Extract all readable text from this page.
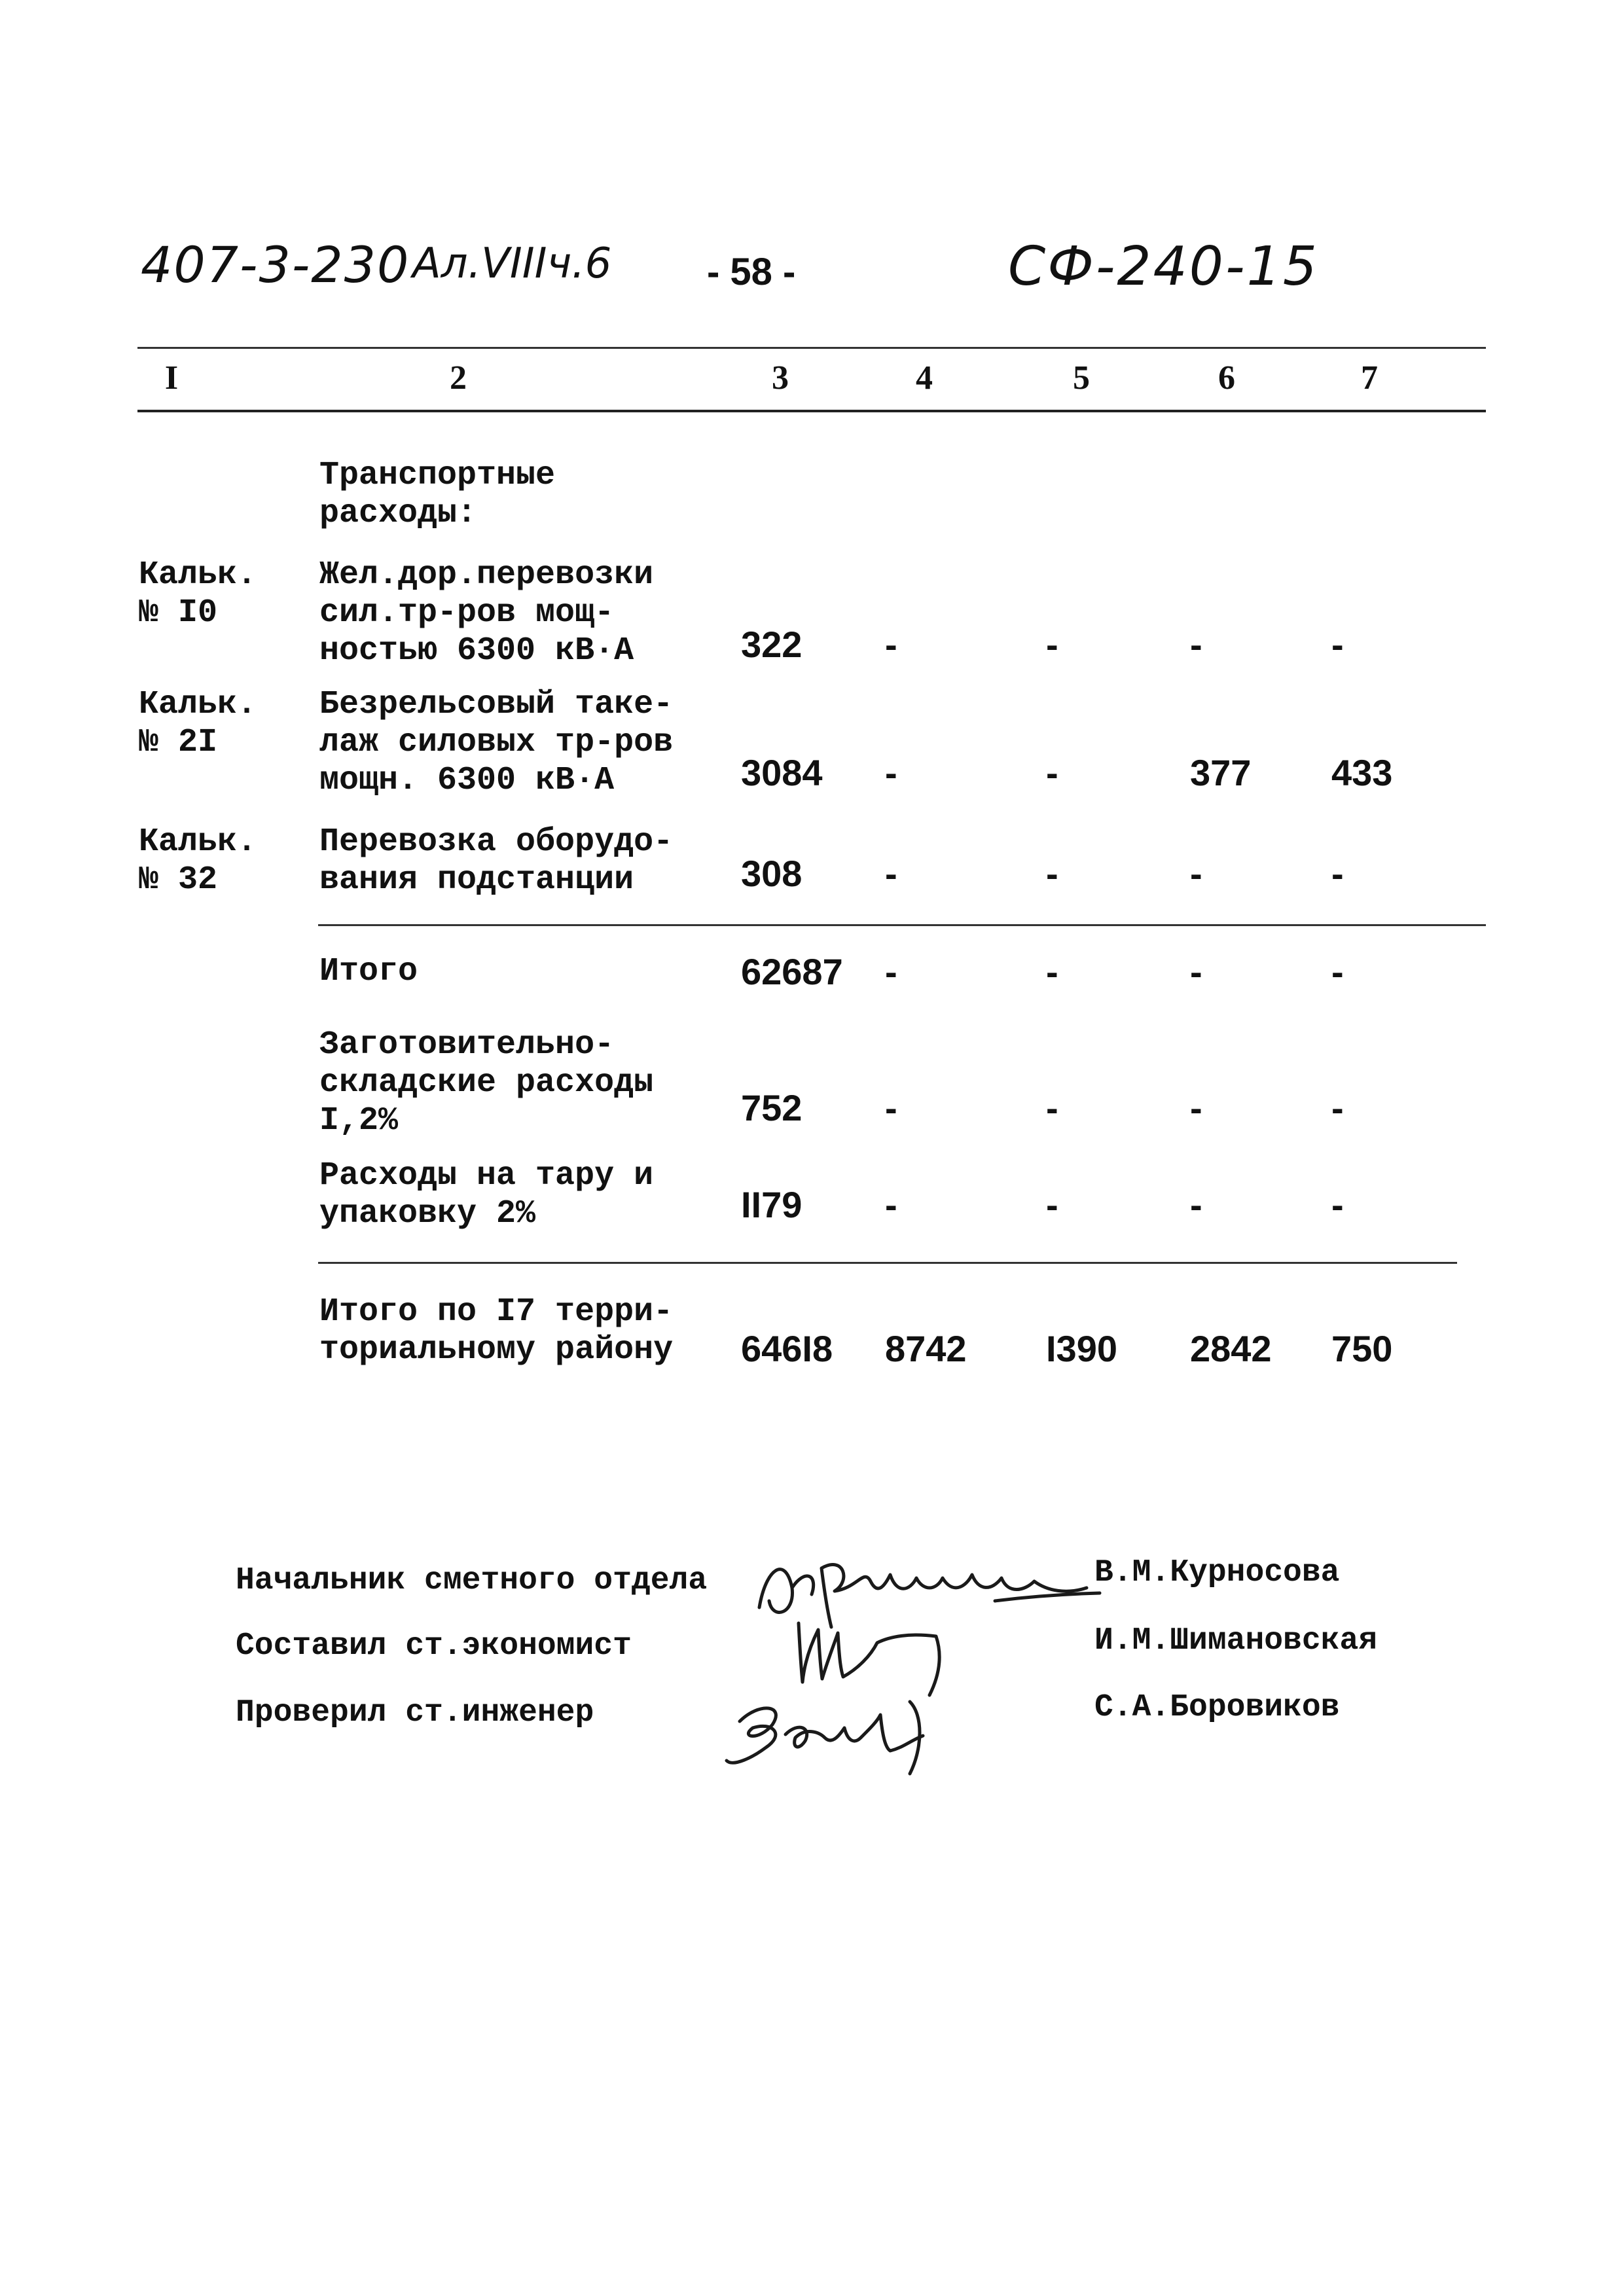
407-3-230 Ал.VIIIч.6	- 58 -	СФ-240-15
I	2	3	4	5	6	7
Транспортные
расходы:
Кальк.
№ I0
Жел.дор.перевозки
сил.тр-ров мощ-
ностью 6300 кВ·А	322 -	-	-	-
Кальк.
№ 2I
Безрельсовый таке-
лаж силовых тр-ров
мощн. 6300 кВ·А	3084 -	-	377 433
Кальк.
№ 32
Перевозка оборудо-
вания подстанции	308 -	-	-	-
Итого	62687 -	-	-	-
Заготовительно-
складские расходы
I,2%	752 -	-	-	-
Расходы на тару и
упаковку 2%	II79 -	-	-	-
Итого по I7 терри-
ториальному району 646I8 8742 I390 2842 750
Начальник сметного отдела
Составил ст.экономист
Проверил ст.инженер
В.М.Курносова
И.М.Шимановская
С.А.Боровиков
